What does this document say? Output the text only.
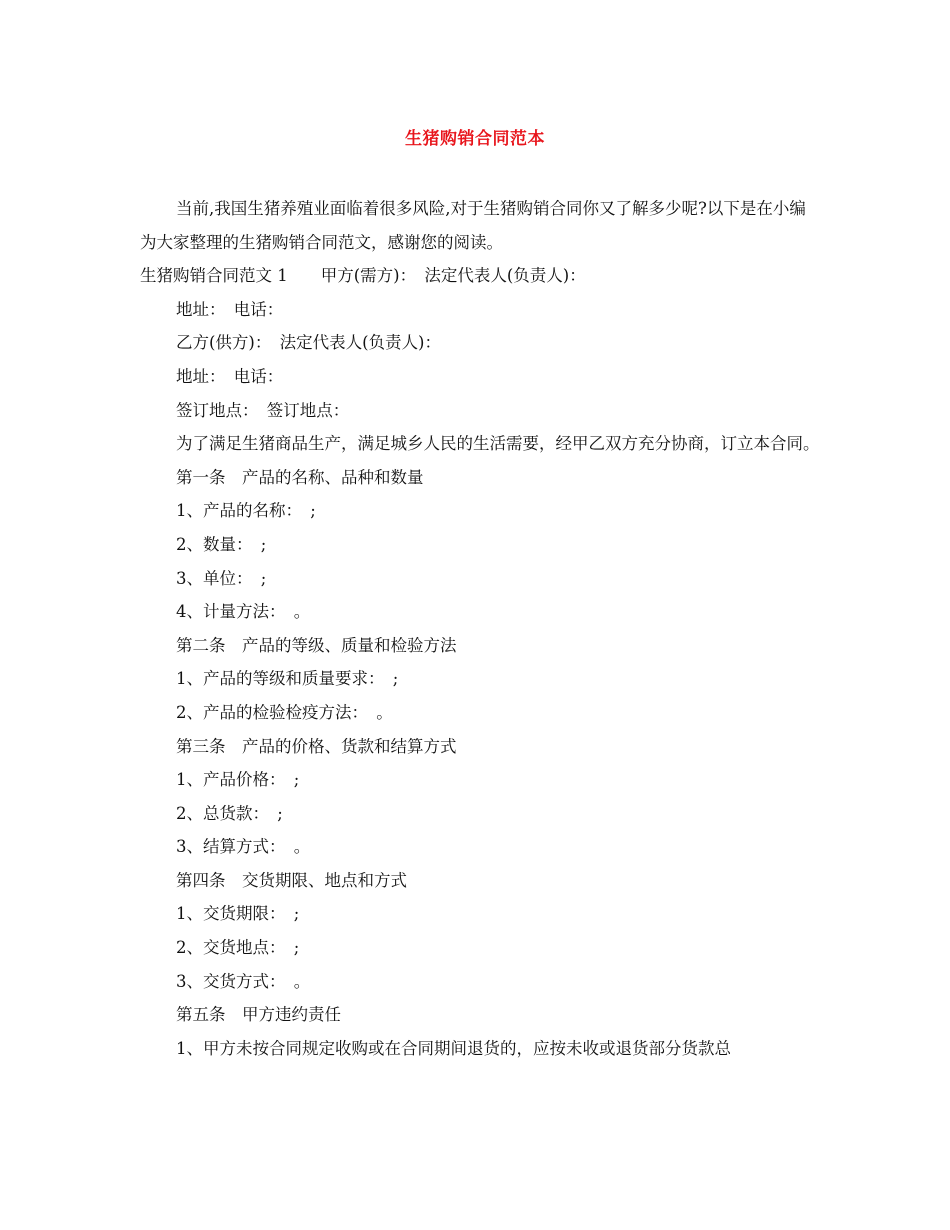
生猪购销合同范本

当前,我国生猪养殖业面临着很多风险,对于生猪购销合同你又了解多少呢?以下是在小编为大家整理的生猪购销合同范文，感谢您的阅读。

生猪购销合同范文 1　　甲方(需方)：　法定代表人(负责人)：

地址：　电话：

乙方(供方)：　法定代表人(负责人)：

地址：　电话：

签订地点：　签订地点：

为了满足生猪商品生产，满足城乡人民的生活需要，经甲乙双方充分协商，订立本合同。

第一条　产品的名称、品种和数量

1、产品的名称：　;

2、数量：　;

3、单位：　;

4、计量方法：　。

第二条　产品的等级、质量和检验方法

1、产品的等级和质量要求：　;

2、产品的检验检疫方法：　。

第三条　产品的价格、货款和结算方式

1、产品价格：　;

2、总货款：　;

3、结算方式：　。

第四条　交货期限、地点和方式

1、交货期限：　;

2、交货地点：　;

3、交货方式：　。

第五条　甲方违约责任

1、甲方未按合同规定收购或在合同期间退货的，应按未收或退货部分货款总
